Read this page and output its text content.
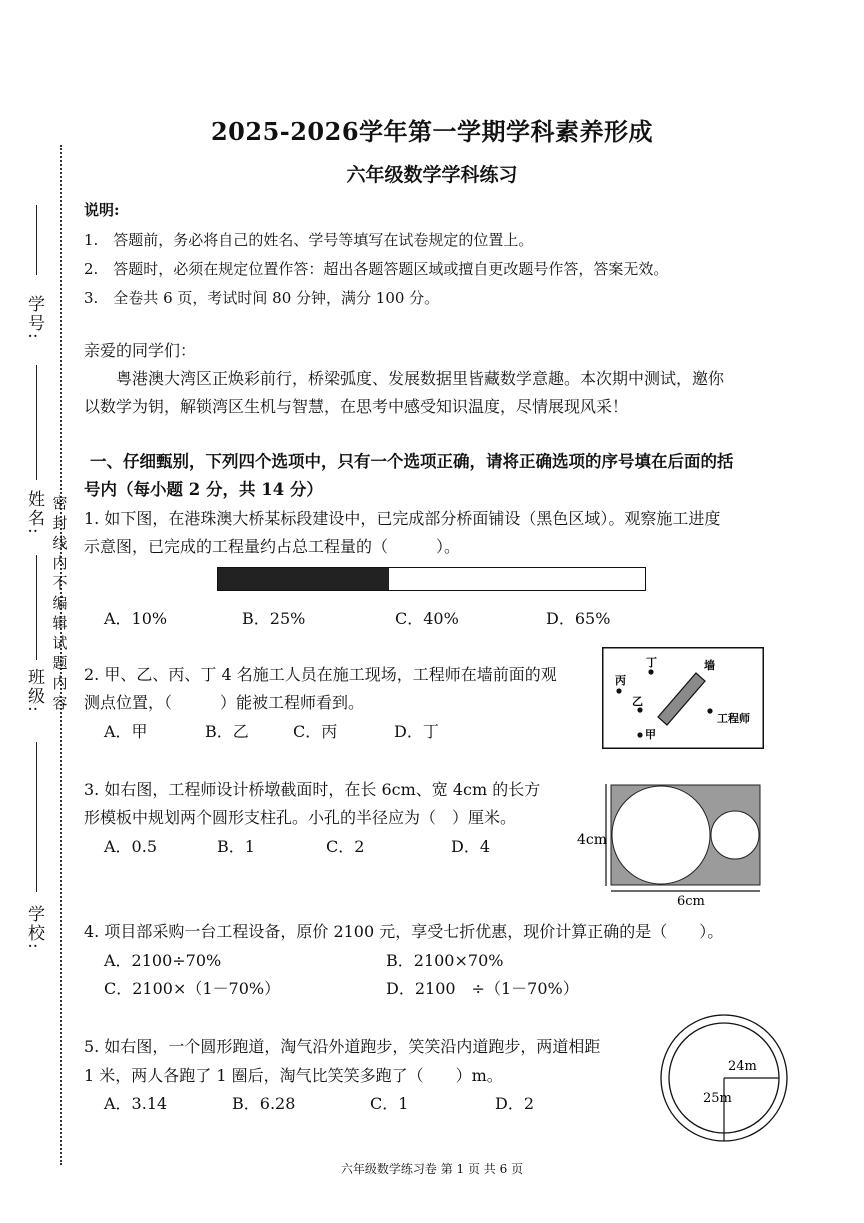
学号:
姓名:
班级:
学校:
密封线内不编辑试题内容
2025-2026学年第一学期学科素养形成
六年级数学学科练习
说明:
1.　答题前，务必将自己的姓名、学号等填写在试卷规定的位置上。
2.　答题时，必须在规定位置作答：超出各题答题区域或擅自更改题号作答，答案无效。
3.　全卷共 6 页，考试时间 80 分钟，满分 100 分。
亲爱的同学们：
粤港澳大湾区正焕彩前行，桥梁弧度、发展数据里皆藏数学意趣。本次期中测试，邀你
以数学为钥，解锁湾区生机与智慧，在思考中感受知识温度，尽情展现风采！
一、仔细甄别，下列四个选项中，只有一个选项正确，请将正确选项的序号填在后面的括
号内（每小题 2 分，共 14 分）
1. 如下图，在港珠澳大桥某标段建设中，已完成部分桥面铺设（黑色区域）。观察施工进度
示意图，已完成的工程量约占总工程量的（　　　）。
A．10%	B．25%	C．40%	D．65%
2. 甲、乙、丙、丁 4 名施工人员在施工现场，工程师在墙前面的观
测点位置，（　　　）能被工程师看到。
A．甲	B．乙	C．丙	D．丁
丁
丙
乙
甲
墙
工程师
3. 如右图，工程师设计桥墩截面时，在长 6cm、宽 4cm 的长方
形模板中规划两个圆形支柱孔。小孔的半径应为（　）厘米。
A．0.5	B．1	C．2	D．4	4cm
6cm
4. 项目部采购一台工程设备，原价 2100 元，享受七折优惠，现价计算正确的是（　　）。
A．2100÷70%	B．2100×70%
C．2100×（1－70%）	D．2100　÷（1－70%）
5. 如右图，一个圆形跑道，淘气沿外道跑步，笑笑沿内道跑步，两道相距
1 米，两人各跑了 1 圈后，淘气比笑笑多跑了（　　）m。
A．3.14	B．6.28	C．1	D．2
24m
25m
六年级数学练习卷 第 1 页 共 6 页
